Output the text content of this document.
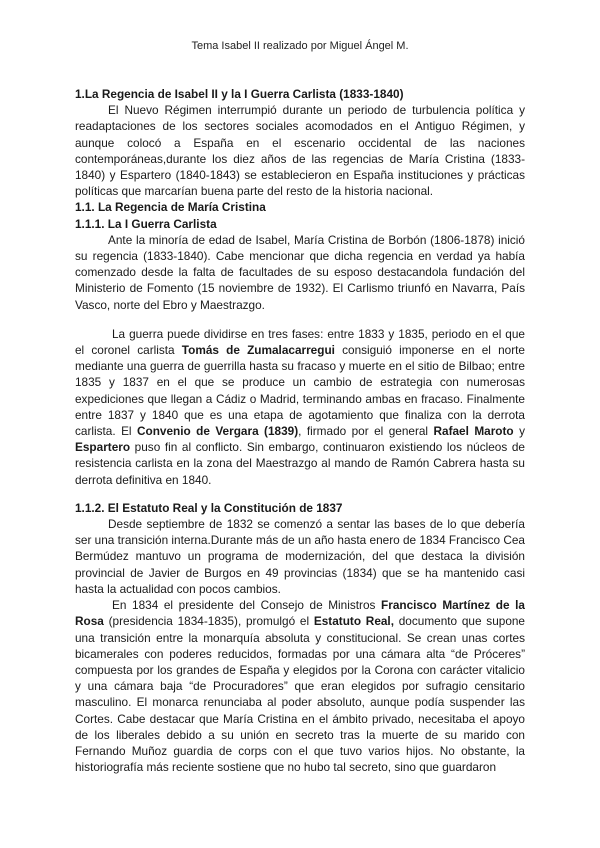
Tema Isabel II realizado por Miguel Ángel M.

1.La Regencia de Isabel II y la I Guerra Carlista (1833-1840)

El Nuevo Régimen interrumpió durante un periodo de turbulencia política y readaptaciones de los sectores sociales acomodados en el Antiguo Régimen, y aunque colocó a España en el escenario occidental de las naciones contemporáneas,durante los diez años de las regencias de María Cristina (1833-1840) y Espartero (1840-1843) se establecieron en España instituciones y prácticas políticas que marcarían buena parte del resto de la historia nacional.

1.1. La Regencia de María Cristina

1.1.1. La I Guerra Carlista

Ante la minoría de edad de Isabel, María Cristina de Borbón (1806-1878) inició su regencia (1833-1840). Cabe mencionar que dicha regencia en verdad ya había comenzado desde la falta de facultades de su esposo destacandola fundación del Ministerio de Fomento (15 noviembre de 1932). El Carlismo triunfó en Navarra, País Vasco, norte del Ebro y Maestrazgo.

La guerra puede dividirse en tres fases: entre 1833 y 1835, periodo en el que el coronel carlista Tomás de Zumalacarregui consiguió imponerse en el norte mediante una guerra de guerrilla hasta su fracaso y muerte en el sitio de Bilbao; entre 1835 y 1837 en el que se produce un cambio de estrategia con numerosas expediciones que llegan a Cádiz o Madrid, terminando ambas en fracaso. Finalmente entre 1837 y 1840 que es una etapa de agotamiento que finaliza con la derrota carlista. El Convenio de Vergara (1839), firmado por el general Rafael Maroto y Espartero puso fin al conflicto. Sin embargo, continuaron existiendo los núcleos de resistencia carlista en la zona del Maestrazgo al mando de Ramón Cabrera hasta su derrota definitiva en 1840.

1.1.2. El Estatuto Real y la Constitución de 1837

Desde septiembre de 1832 se comenzó a sentar las bases de lo que debería ser una transición interna.Durante más de un año hasta enero de 1834 Francisco Cea Bermúdez mantuvo un programa de modernización, del que destaca la división provincial de Javier de Burgos en 49 provincias (1834) que se ha mantenido casi hasta la actualidad con pocos cambios.

En 1834 el presidente del Consejo de Ministros Francisco Martínez de la Rosa (presidencia 1834-1835), promulgó el Estatuto Real, documento que supone una transición entre la monarquía absoluta y constitucional. Se crean unas cortes bicamerales con poderes reducidos, formadas por una cámara alta “de Próceres” compuesta por los grandes de España y elegidos por la Corona con carácter vitalicio y una cámara baja “de Procuradores” que eran elegidos por sufragio censitario masculino. El monarca renunciaba al poder absoluto, aunque podía suspender las Cortes. Cabe destacar que María Cristina en el ámbito privado, necesitaba el apoyo de los liberales debido a su unión en secreto tras la muerte de su marido con Fernando Muñoz guardia de corps con el que tuvo varios hijos. No obstante, la historiografía más reciente sostiene que no hubo tal secreto, sino que guardaron
